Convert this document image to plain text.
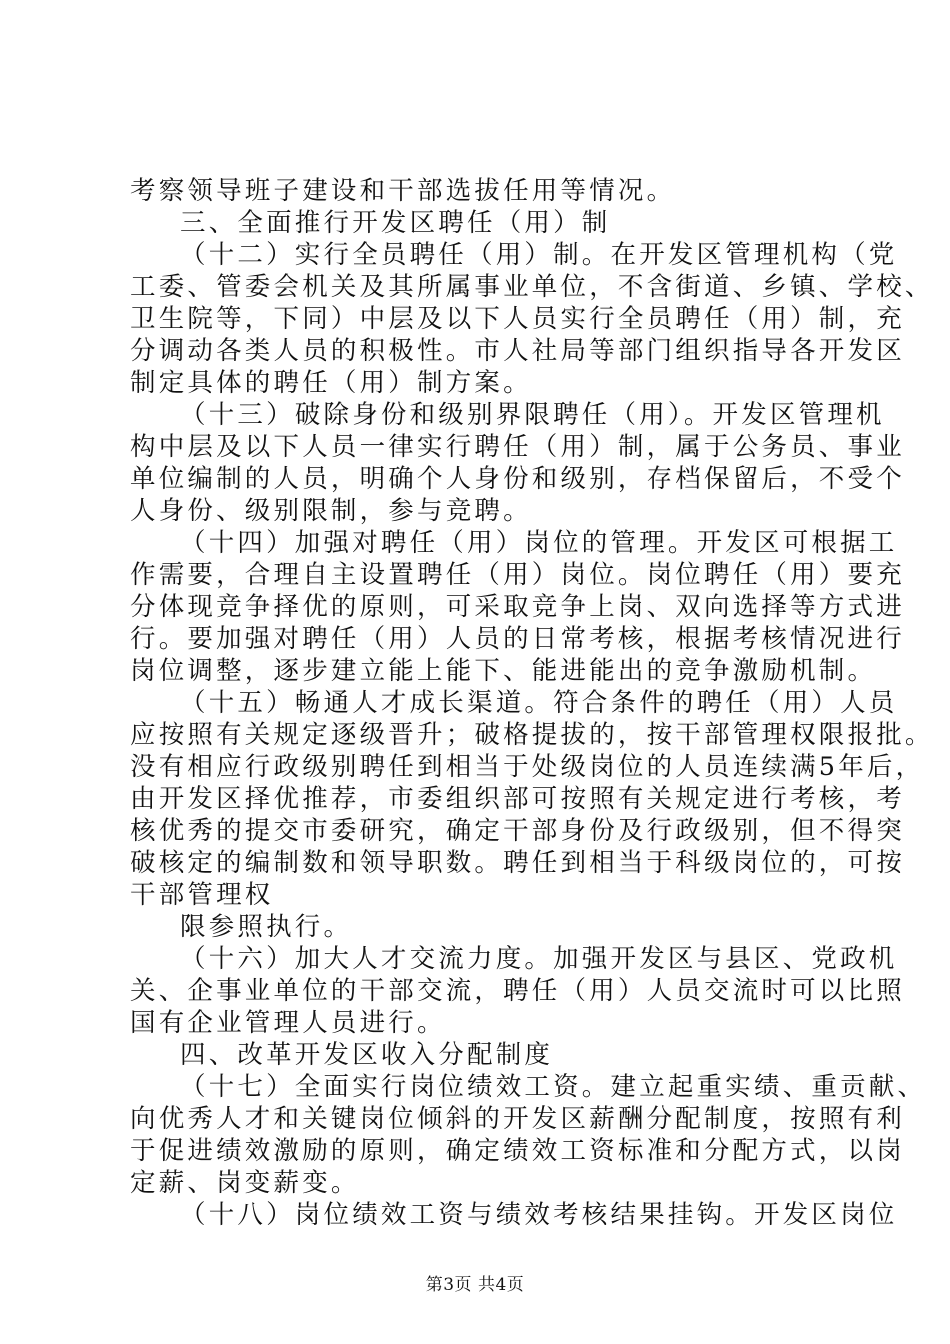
考察领导班子建设和干部选拔任用等情况。
三、全面推行开发区聘任（用）制
（十二）实行全员聘任（用）制。在开发区管理机构（党
工委、管委会机关及其所属事业单位，不含街道、乡镇、学校、
卫生院等，下同）中层及以下人员实行全员聘任（用）制，充
分调动各类人员的积极性。市人社局等部门组织指导各开发区
制定具体的聘任（用）制方案。
（十三）破除身份和级别界限聘任（用）。开发区管理机
构中层及以下人员一律实行聘任（用）制，属于公务员、事业
单位编制的人员，明确个人身份和级别，存档保留后，不受个
人身份、级别限制，参与竞聘。
（十四）加强对聘任（用）岗位的管理。开发区可根据工
作需要，合理自主设置聘任（用）岗位。岗位聘任（用）要充
分体现竞争择优的原则，可采取竞争上岗、双向选择等方式进
行。要加强对聘任（用）人员的日常考核，根据考核情况进行
岗位调整，逐步建立能上能下、能进能出的竞争激励机制。
（十五）畅通人才成长渠道。符合条件的聘任（用）人员
应按照有关规定逐级晋升；破格提拔的，按干部管理权限报批。
没有相应行政级别聘任到相当于处级岗位的人员连续满5年后，
由开发区择优推荐，市委组织部可按照有关规定进行考核，考
核优秀的提交市委研究，确定干部身份及行政级别，但不得突
破核定的编制数和领导职数。聘任到相当于科级岗位的，可按
干部管理权
限参照执行。
（十六）加大人才交流力度。加强开发区与县区、党政机
关、企事业单位的干部交流，聘任（用）人员交流时可以比照
国有企业管理人员进行。
四、改革开发区收入分配制度
（十七）全面实行岗位绩效工资。建立起重实绩、重贡献、
向优秀人才和关键岗位倾斜的开发区薪酬分配制度，按照有利
于促进绩效激励的原则，确定绩效工资标准和分配方式，以岗
定薪、岗变薪变。
（十八）岗位绩效工资与绩效考核结果挂钩。开发区岗位
第3页 共4页
